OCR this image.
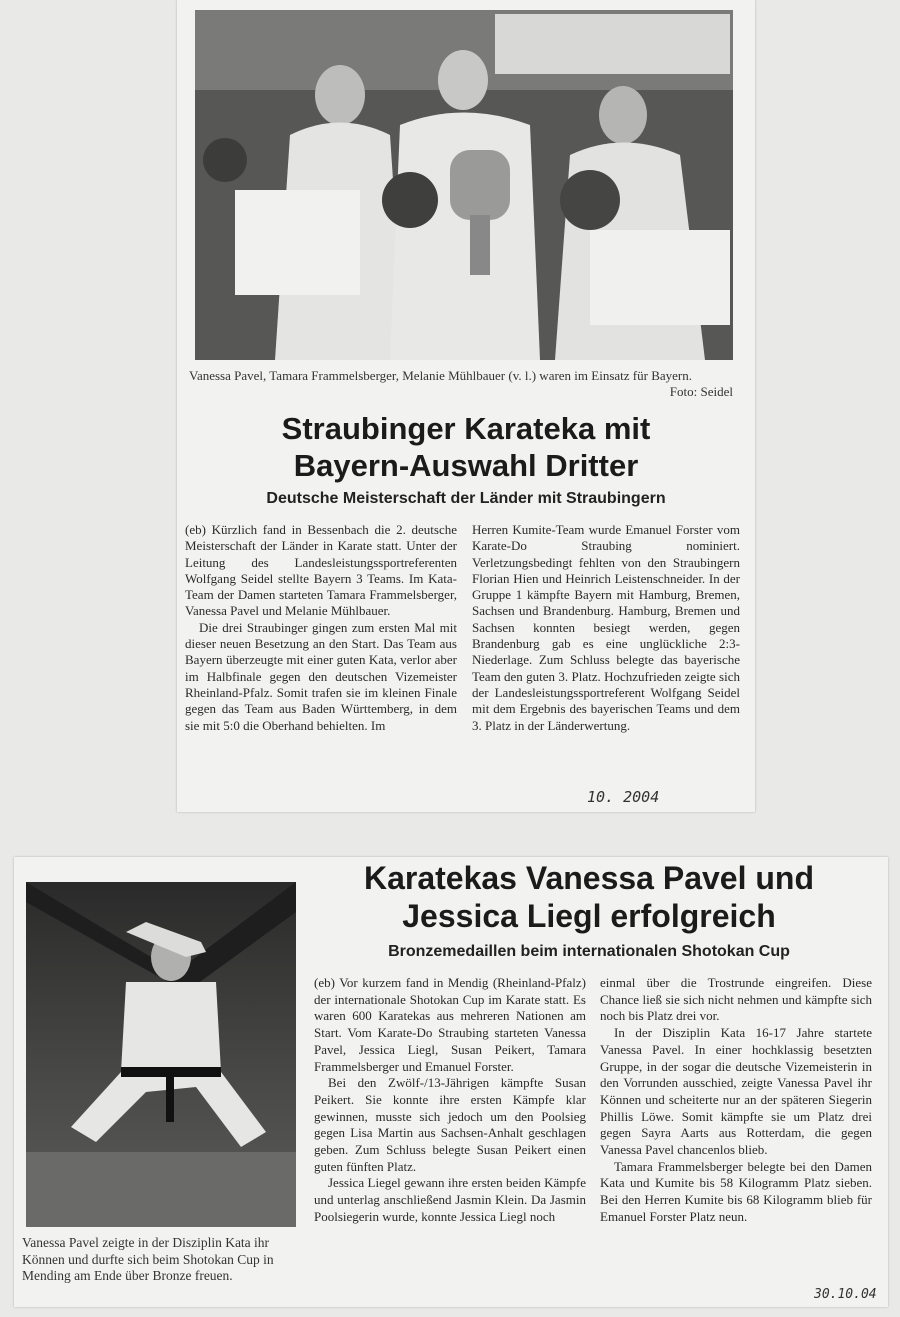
Vanessa Pavel, Tamara Frammelsberger, Melanie Mühlbauer (v. l.) waren im Einsatz für Bayern.
Foto: Seidel
Straubinger Karateka mit
Bayern-Auswahl Dritter
Deutsche Meisterschaft der Länder mit Straubingern

(eb) Kürzlich fand in Bessenbach die 2. deutsche Meisterschaft der Länder in Karate statt. Unter der Leitung des Landesleistungssportreferenten Wolfgang Seidel stellte Bayern 3 Teams. Im Kata-Team der Damen starteten Tamara Frammelsberger, Vanessa Pavel und Melanie Mühlbauer.

Die drei Straubinger gingen zum ersten Mal mit dieser neuen Besetzung an den Start. Das Team aus Bayern überzeugte mit einer guten Kata, verlor aber im Halbfinale gegen den deutschen Vizemeister Rheinland-Pfalz. Somit trafen sie im kleinen Finale gegen das Team aus Baden Württemberg, in dem sie mit 5:0 die Oberhand behielten. Im

Herren Kumite-Team wurde Emanuel Forster vom Karate-Do Straubing nominiert. Verletzungsbedingt fehlten von den Straubingern Florian Hien und Heinrich Leistenschneider. In der Gruppe 1 kämpfte Bayern mit Hamburg, Bremen, Sachsen und Brandenburg. Hamburg, Bremen und Sachsen konnten besiegt werden, gegen Brandenburg gab es eine unglückliche 2:3-Niederlage. Zum Schluss belegte das bayerische Team den guten 3. Platz. Hochzufrieden zeigte sich der Landesleistungssportreferent Wolfgang Seidel mit dem Ergebnis des bayerischen Teams und dem 3. Platz in der Länderwertung.

10. 2004
Vanessa Pavel zeigte in der Disziplin Kata ihr Können und durfte sich beim Shotokan Cup in Mending am Ende über Bronze freuen.
Karatekas Vanessa Pavel und
Jessica Liegl erfolgreich
Bronzemedaillen beim internationalen Shotokan Cup

(eb) Vor kurzem fand in Mendig (Rheinland-Pfalz) der internationale Shotokan Cup im Karate statt. Es waren 600 Karatekas aus mehreren Nationen am Start. Vom Karate-Do Straubing starteten Vanessa Pavel, Jessica Liegl, Susan Peikert, Tamara Frammelsberger und Emanuel Forster.

Bei den Zwölf-/13-Jährigen kämpfte Susan Peikert. Sie konnte ihre ersten Kämpfe klar gewinnen, musste sich jedoch um den Poolsieg gegen Lisa Martin aus Sachsen-Anhalt geschlagen geben. Zum Schluss belegte Susan Peikert einen guten fünften Platz.

Jessica Liegel gewann ihre ersten beiden Kämpfe und unterlag anschließend Jasmin Klein. Da Jasmin Poolsiegerin wurde, konnte Jessica Liegl noch

einmal über die Trostrunde eingreifen. Diese Chance ließ sie sich nicht nehmen und kämpfte sich noch bis Platz drei vor.

In der Disziplin Kata 16-17 Jahre startete Vanessa Pavel. In einer hochklassig besetzten Gruppe, in der sogar die deutsche Vizemeisterin in den Vorrunden ausschied, zeigte Vanessa Pavel ihr Können und scheiterte nur an der späteren Siegerin Phillis Löwe. Somit kämpfte sie um Platz drei gegen Sayra Aarts aus Rotterdam, die gegen Vanessa Pavel chancenlos blieb.

Tamara Frammelsberger belegte bei den Damen Kata und Kumite bis 58 Kilogramm Platz sieben. Bei den Herren Kumite bis 68 Kilogramm blieb für Emanuel Forster Platz neun.

30.10.04
